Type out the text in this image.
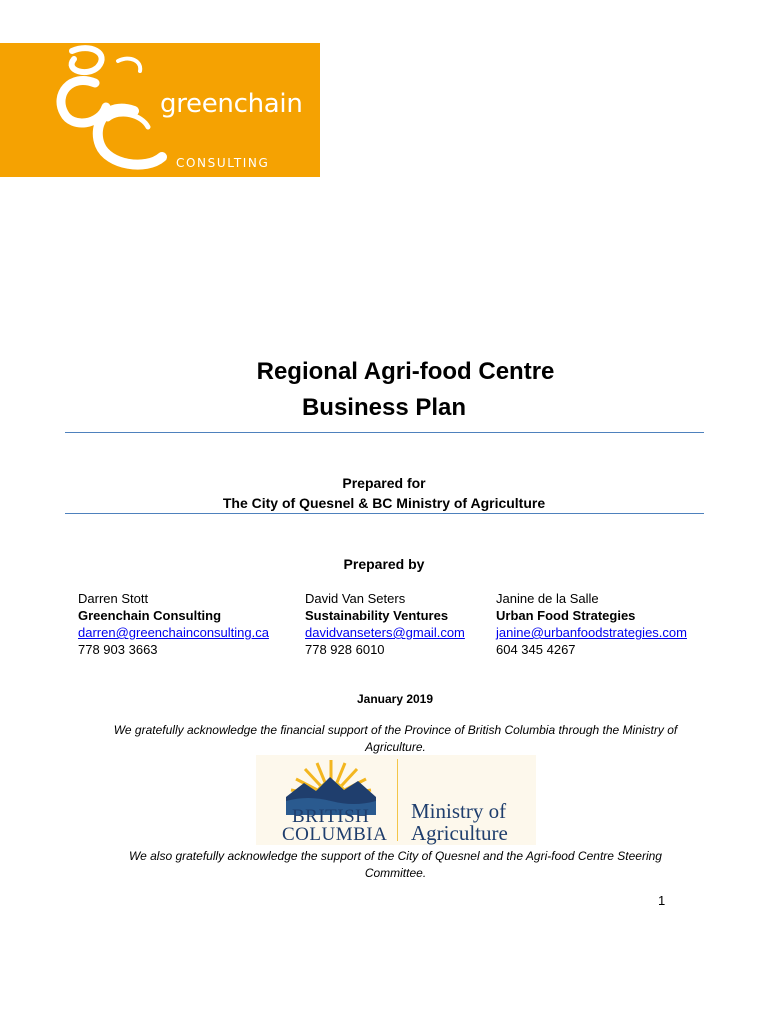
greenchain
CONSULTING
Regional Agri-food Centre
Business Plan
Prepared for
The City of Quesnel & BC Ministry of Agriculture
Prepared by
Darren Stott
Greenchain Consulting
darren@greenchainconsulting.ca
778 903 3663
David Van Seters
Sustainability Ventures
davidvanseters@gmail.com
778 928 6010
Janine de la Salle
Urban Food Strategies
janine@urbanfoodstrategies.com
604 345 4267
January 2019
We gratefully acknowledge the financial support of the Province of British Columbia through the Ministry of Agriculture.
BRITISH
COLUMBIA
Ministry of
Agriculture
We also gratefully acknowledge the support of the City of Quesnel and the Agri-food Centre Steering Committee.
1
